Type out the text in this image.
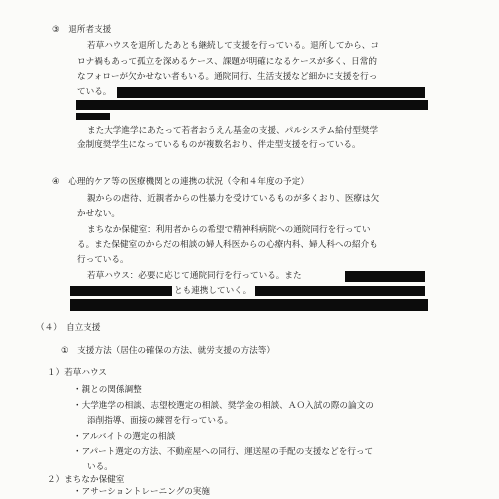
③　退所者支援
若草ハウスを退所したあとも継続して支援を行っている。退所してから、コ
ロナ禍もあって孤立を深めるケース、課題が明確になるケースが多く、日常的
なフォローが欠かせない者もいる。通院同行、生活支援など細かに支援を行っ
ている。
また大学進学にあたって若者おうえん基金の支援、パルシステム給付型奨学
金制度奨学生になっているものが複数名おり、伴走型支援を行っている。
④　心理的ケア等の医療機関との連携の状況（令和４年度の予定）
親からの虐待、近親者からの性暴力を受けているものが多くおり、医療は欠
かせない。
まちなか保健室：利用者からの希望で精神科病院への通院同行を行ってい
る。また保健室のからだの相談の婦人科医からの心療内科、婦人科への紹介も
行っている。
若草ハウス：必要に応じて通院同行を行っている。また
とも連携していく。
（４）　自立支援
①　支援方法（居住の確保の方法、就労支援の方法等）
１）若草ハウス
・親との関係調整
・大学進学の相談、志望校選定の相談、奨学金の相談、ＡＯ入試の際の論文の
添削指導、面接の練習を行っている。
・アルバイトの選定の相談
・アパート選定の方法、不動産屋への同行、運送屋の手配の支援などを行って
いる。
２）まちなか保健室
・アサーショントレーニングの実施
